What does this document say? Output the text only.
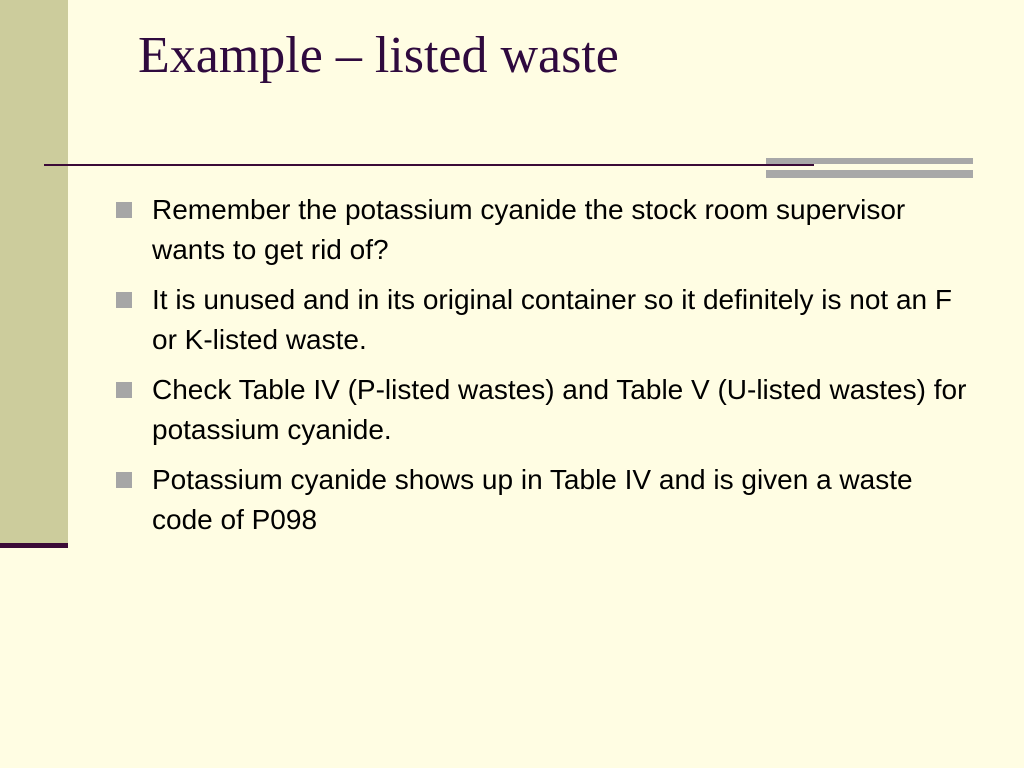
Example – listed waste
Remember the potassium cyanide the stock room supervisor wants to get rid of?
It is unused and in its original container so it definitely is not an F or K-listed waste.
Check Table IV (P-listed wastes) and Table V (U-listed wastes) for potassium cyanide.
Potassium cyanide shows up in Table IV and is given a waste code of P098
